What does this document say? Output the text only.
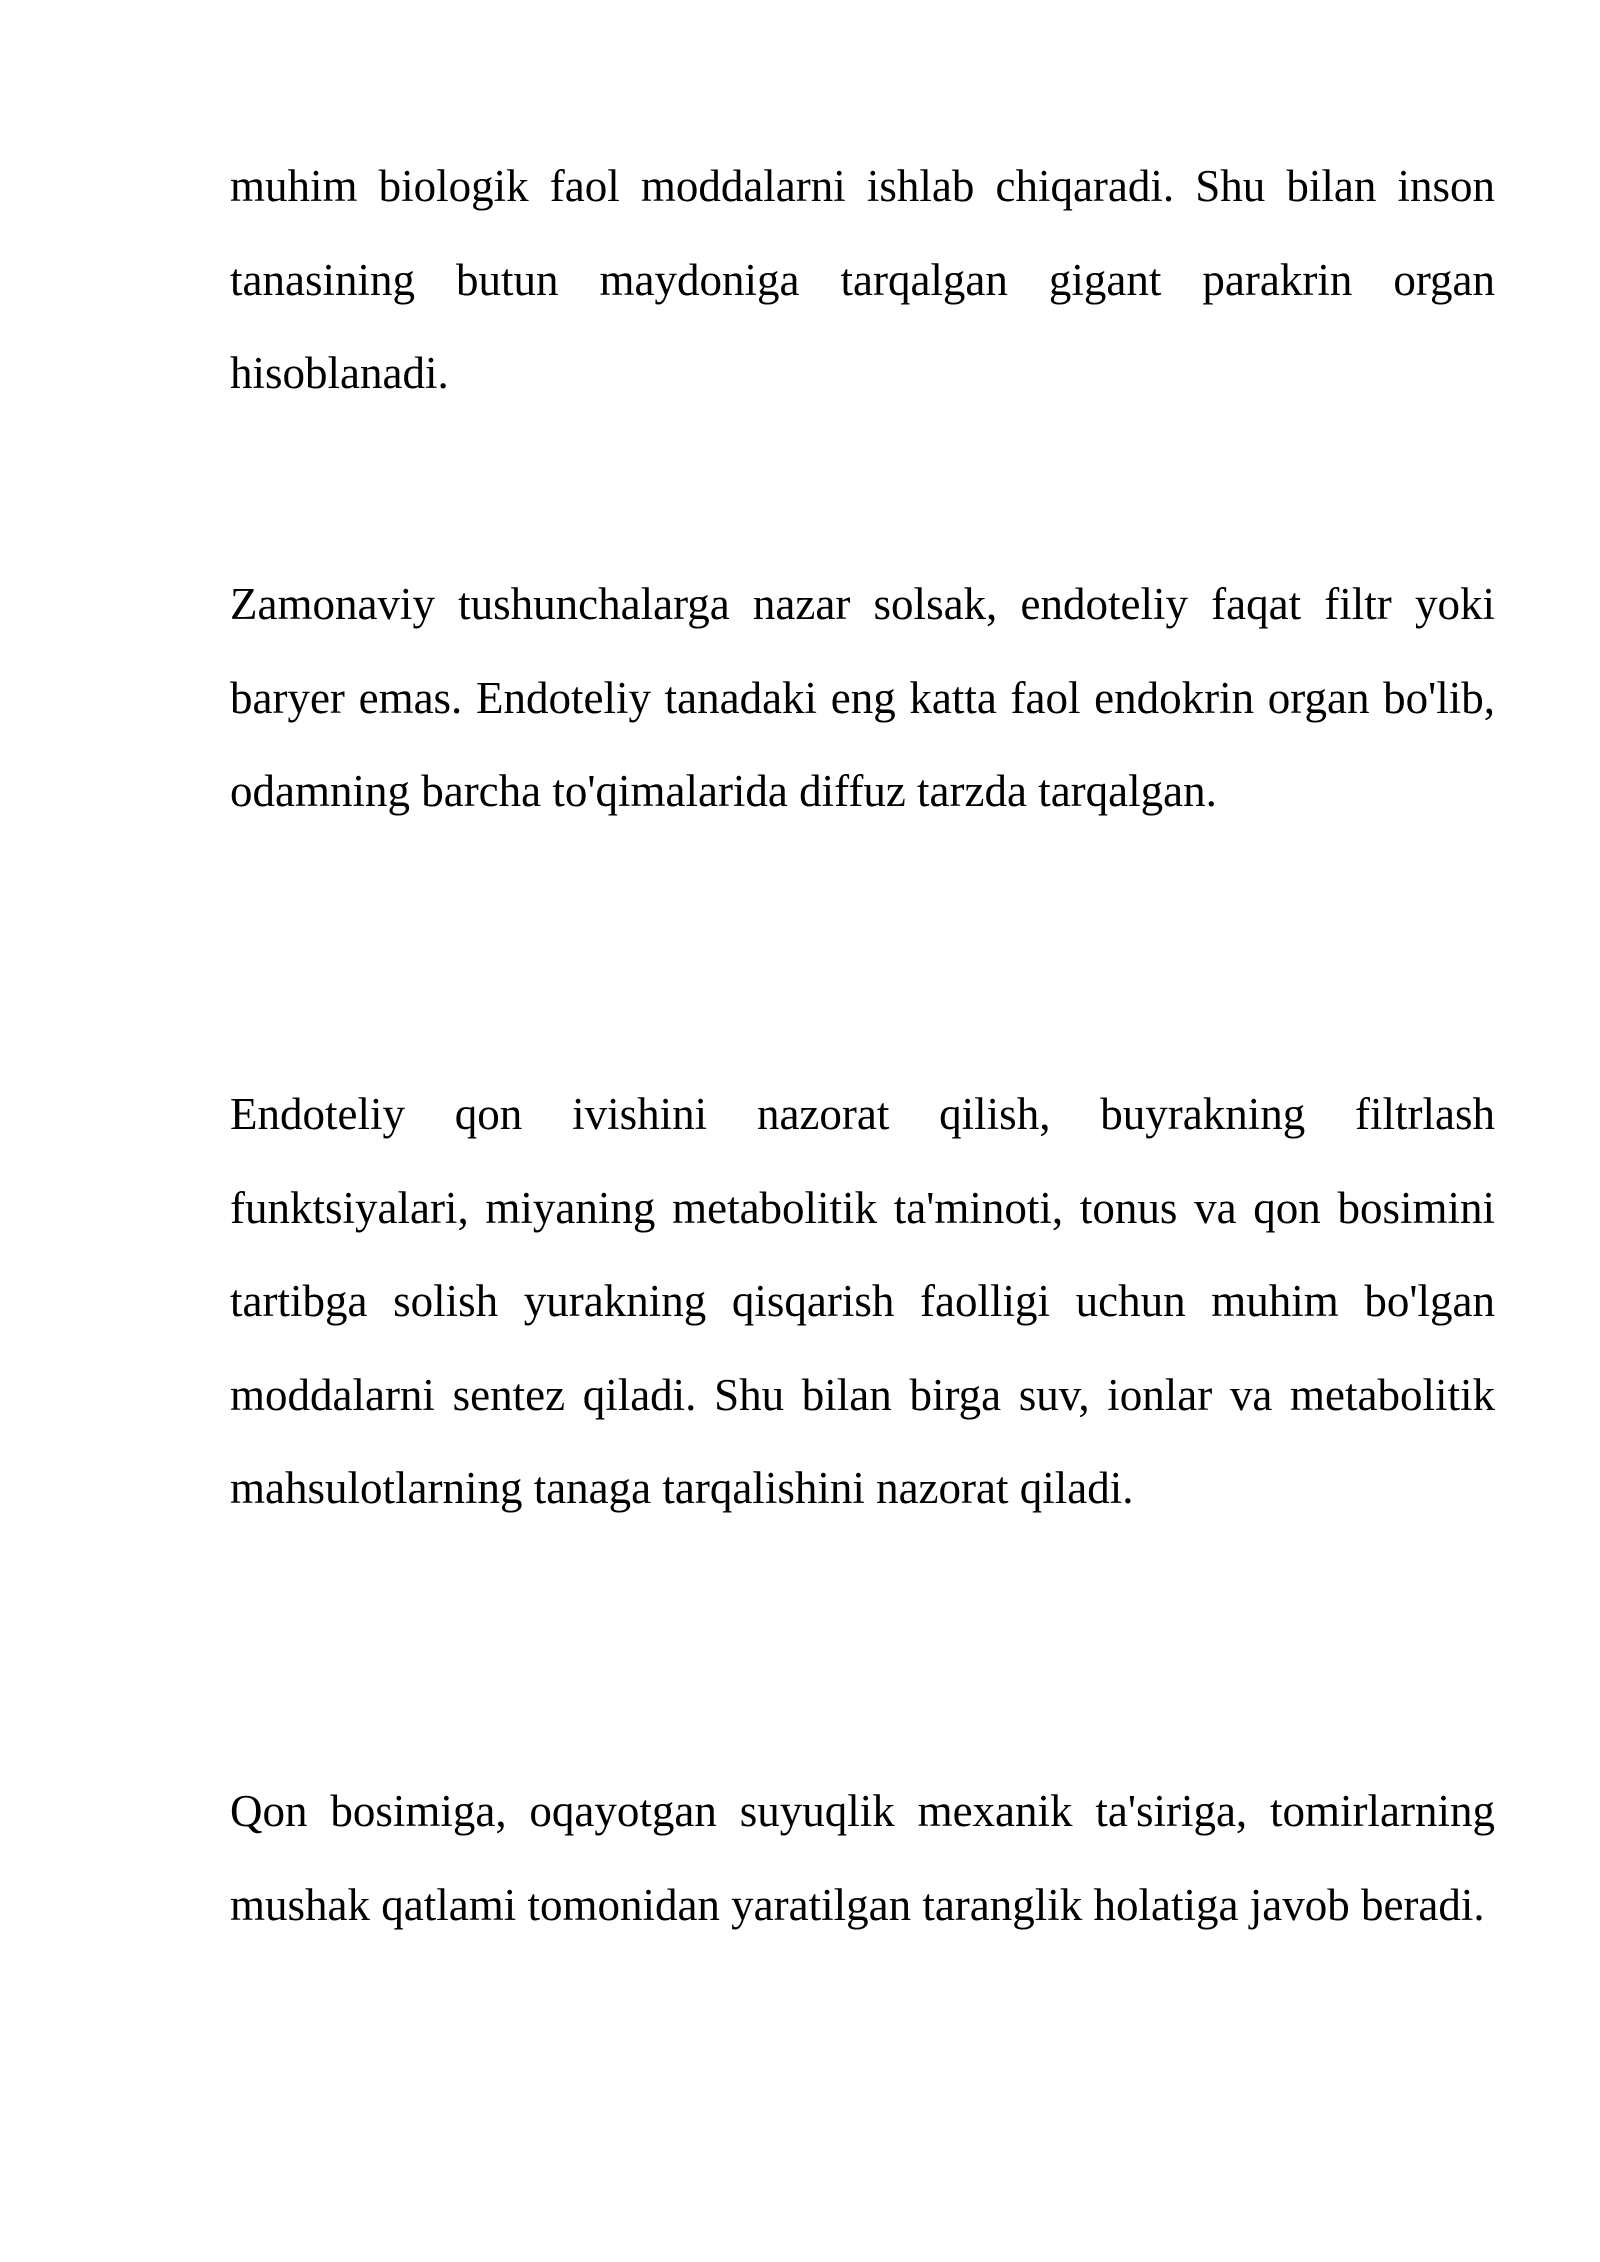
muhim biologik faol moddalarni ishlab chiqaradi. Shu bilan inson tanasining butun maydoniga tarqalgan gigant parakrin organ hisoblanadi.

Zamonaviy tushunchalarga nazar solsak, endoteliy faqat filtr yoki baryer emas. Endoteliy tanadaki eng katta faol endokrin organ bo'lib, odamning barcha to'qimalarida diffuz tarzda tarqalgan.

Endoteliy qon ivishini nazorat qilish, buyrakning filtrlash funktsiyalari, miyaning metabolitik ta'minoti, tonus va qon bosimini tartibga solish yurakning qisqarish faolligi uchun muhim bo'lgan moddalarni sentez qiladi. Shu bilan birga suv, ionlar va metabolitik mahsulotlarning tanaga tarqalishini nazorat qiladi.

Qon bosimiga, oqayotgan suyuqlik mexanik ta'siriga, tomirlarning mushak qatlami tomonidan yaratilgan taranglik holatiga javob beradi.
